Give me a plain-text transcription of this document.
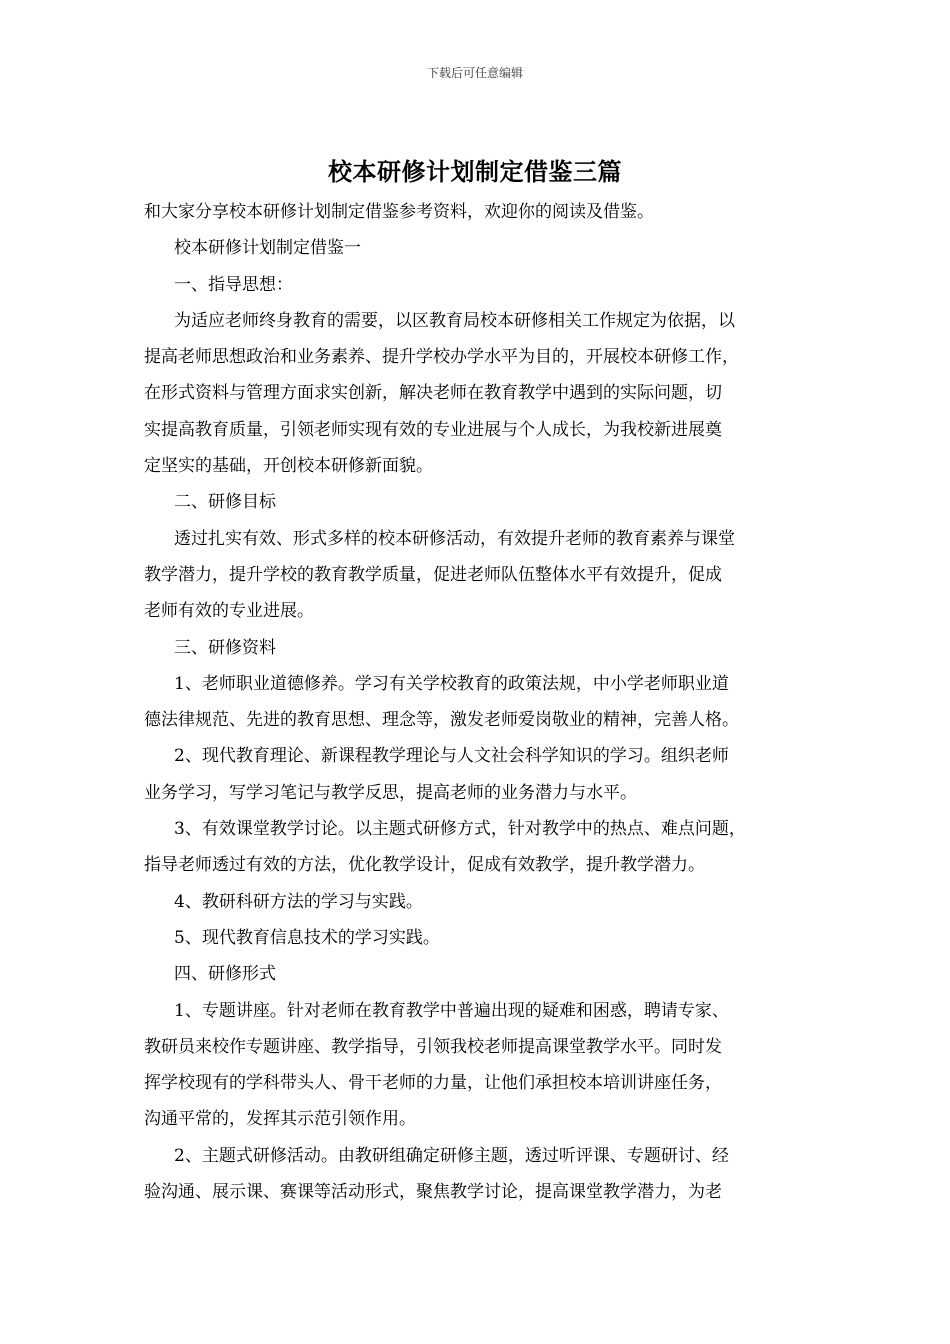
下载后可任意编辑
校本研修计划制定借鉴三篇

和大家分享校本研修计划制定借鉴参考资料，欢迎你的阅读及借鉴。

校本研修计划制定借鉴一

一、指导思想：

为适应老师终身教育的需要，以区教育局校本研修相关工作规定为依据，以

提高老师思想政治和业务素养、提升学校办学水平为目的，开展校本研修工作，

在形式资料与管理方面求实创新，解决老师在教育教学中遇到的实际问题，切

实提高教育质量，引领老师实现有效的专业进展与个人成长，为我校新进展奠

定坚实的基础，开创校本研修新面貌。

二、研修目标

透过扎实有效、形式多样的校本研修活动，有效提升老师的教育素养与课堂

教学潜力，提升学校的教育教学质量，促进老师队伍整体水平有效提升，促成

老师有效的专业进展。

三、研修资料

1、老师职业道德修养。学习有关学校教育的政策法规，中小学老师职业道

德法律规范、先进的教育思想、理念等，激发老师爱岗敬业的精神，完善人格。

2、现代教育理论、新课程教学理论与人文社会科学知识的学习。组织老师

业务学习，写学习笔记与教学反思，提高老师的业务潜力与水平。

3、有效课堂教学讨论。以主题式研修方式，针对教学中的热点、难点问题，

指导老师透过有效的方法，优化教学设计，促成有效教学，提升教学潜力。

4、教研科研方法的学习与实践。

5、现代教育信息技术的学习实践。

四、研修形式

1、专题讲座。针对老师在教育教学中普遍出现的疑难和困惑，聘请专家、

教研员来校作专题讲座、教学指导，引领我校老师提高课堂教学水平。同时发

挥学校现有的学科带头人、骨干老师的力量，让他们承担校本培训讲座任务，

沟通平常的，发挥其示范引领作用。

2、主题式研修活动。由教研组确定研修主题，透过听评课、专题研讨、经

验沟通、展示课、赛课等活动形式，聚焦教学讨论，提高课堂教学潜力，为老
